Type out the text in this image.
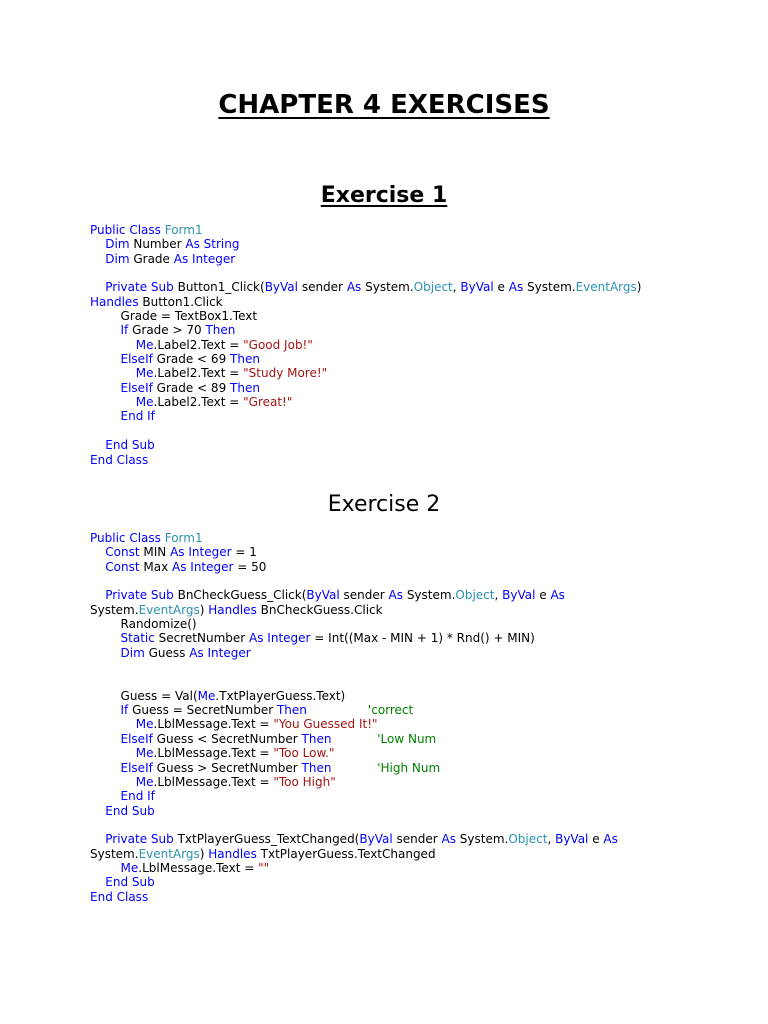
CHAPTER 4 EXERCISES
Exercise 1
Public Class Form1
Dim Number As String
Dim Grade As Integer

Private Sub Button1_Click(ByVal sender As System.Object, ByVal e As System.EventArgs)
Handles Button1.Click
Grade = TextBox1.Text
If Grade > 70 Then
Me.Label2.Text = "Good Job!"
ElseIf Grade < 69 Then
Me.Label2.Text = "Study More!"
ElseIf Grade < 89 Then
Me.Label2.Text = "Great!"
End If

End Sub
End Class
Exercise 2
Public Class Form1
Const MIN As Integer = 1
Const Max As Integer = 50

Private Sub BnCheckGuess_Click(ByVal sender As System.Object, ByVal e As
System.EventArgs) Handles BnCheckGuess.Click
Randomize()
Static SecretNumber As Integer = Int((Max - MIN + 1) * Rnd() + MIN)
Dim Guess As Integer

Guess = Val(Me.TxtPlayerGuess.Text)
If Guess = SecretNumber Then	'correct
Me.LblMessage.Text = "You Guessed It!"
ElseIf Guess < SecretNumber Then	'Low Num
Me.LblMessage.Text = "Too Low."
ElseIf Guess > SecretNumber Then	'High Num
Me.LblMessage.Text = "Too High"
End If
End Sub

Private Sub TxtPlayerGuess_TextChanged(ByVal sender As System.Object, ByVal e As
System.EventArgs) Handles TxtPlayerGuess.TextChanged
Me.LblMessage.Text = ""
End Sub
End Class
